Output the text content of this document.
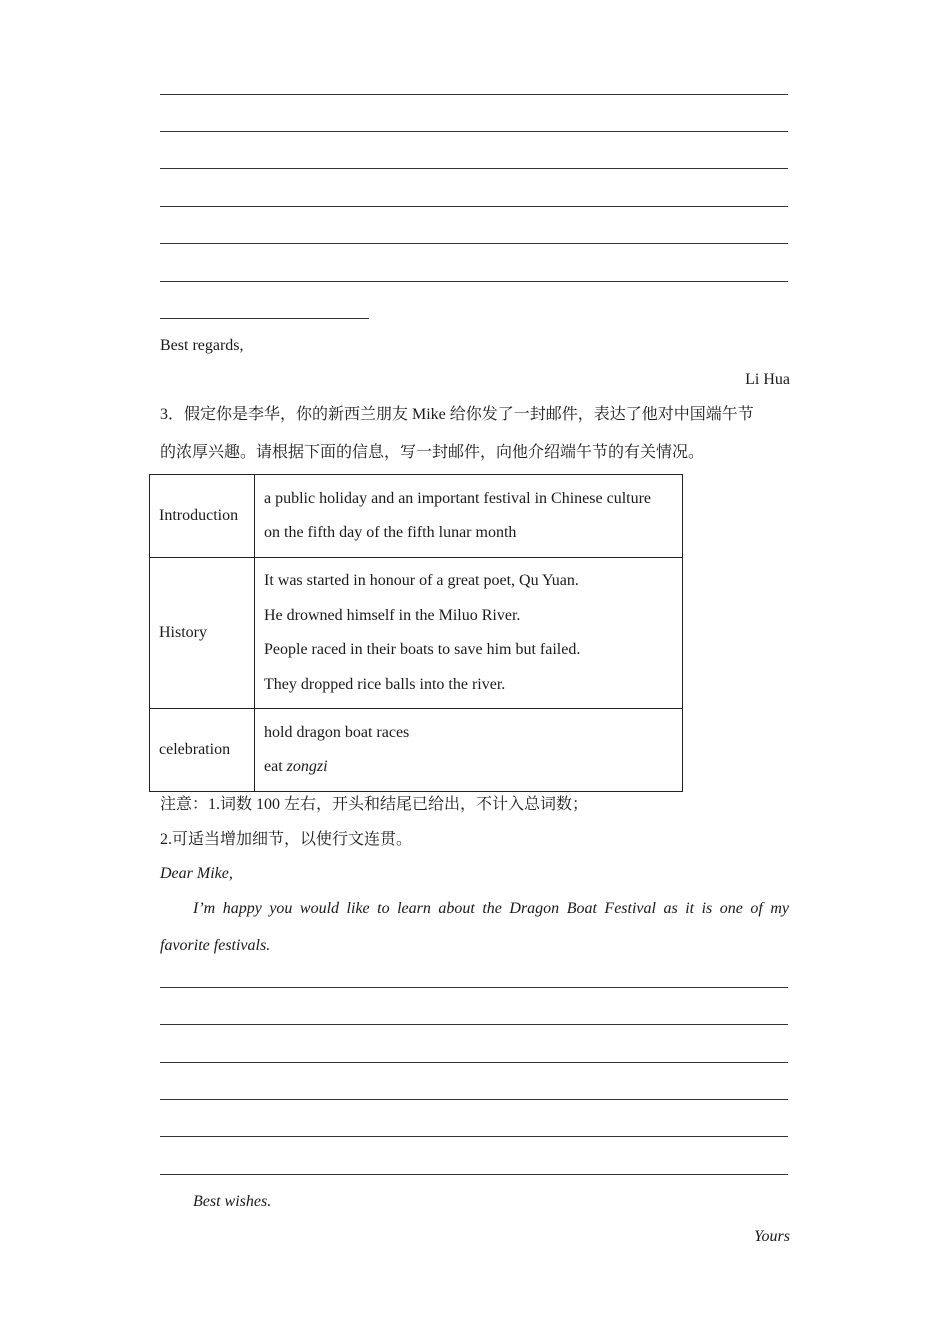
Best regards,
Li Hua
3．假定你是李华，你的新西兰朋友 Mike 给你发了一封邮件，表达了他对中国端午节
的浓厚兴趣。请根据下面的信息，写一封邮件，向他介绍端午节的有关情况。
Introduction	a public holiday and an important festival in Chinese culture
on the fifth day of the fifth lunar month

History	It was started in honour of a great poet, Qu Yuan.
He drowned himself in the Miluo River.
People raced in their boats to save him but failed.
They dropped rice balls into the river.

celebration	hold dragon boat races
eat zongzi
注意：1.词数 100 左右，开头和结尾已给出，不计入总词数；
2.可适当增加细节，以使行文连贯。
Dear Mike,
I’m happy you would like to learn about the Dragon Boat Festival as it is one of my
favorite festivals.
Best wishes.
Yours
